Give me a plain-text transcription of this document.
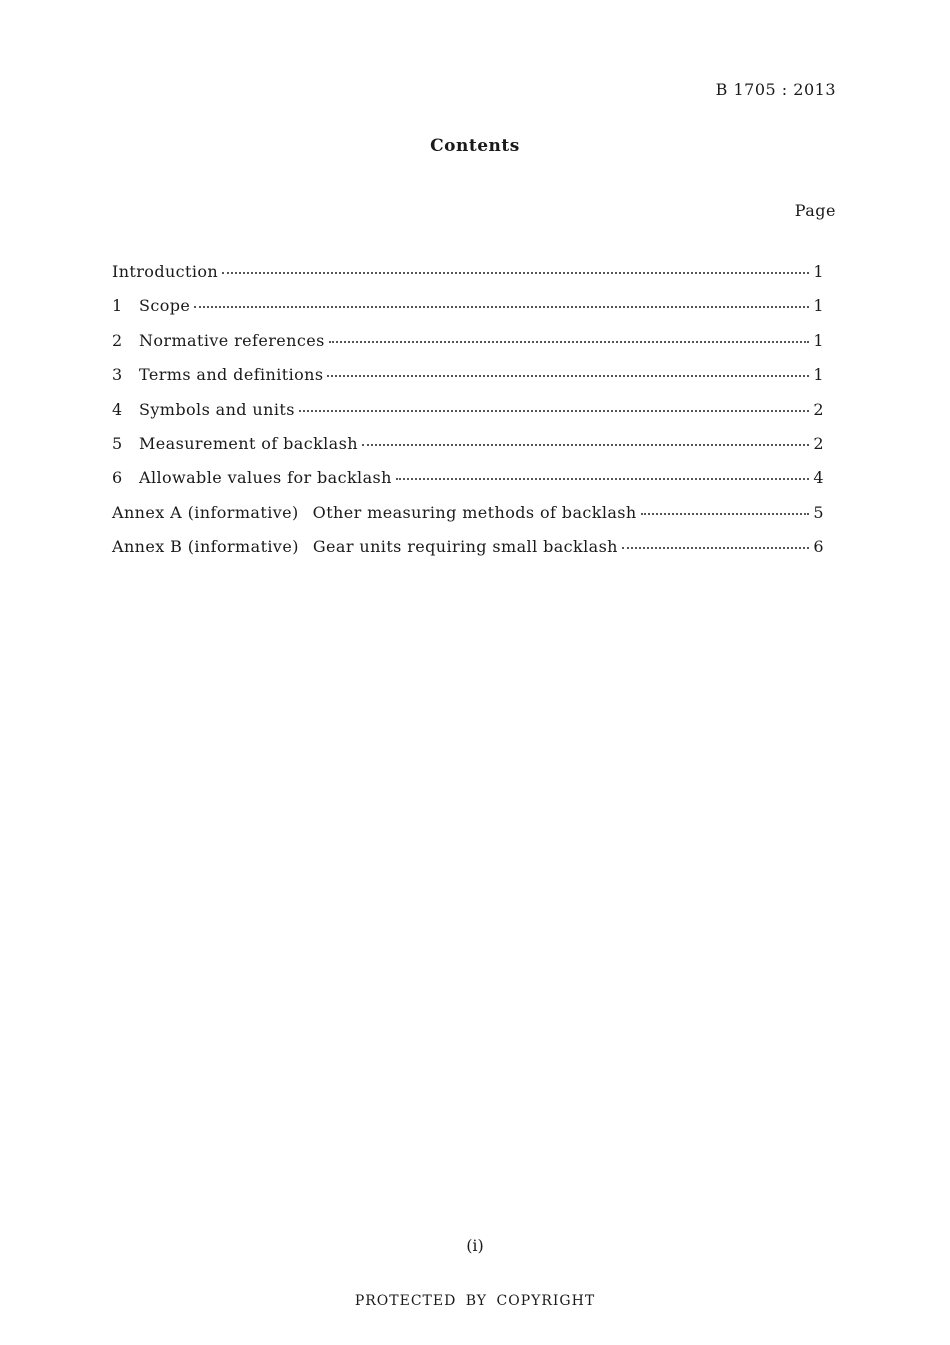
B 1705 : 2013
Contents
Page
Introduction	1
1	Scope	1
2	Normative references	1
3	Terms and definitions	1
4	Symbols and units	2
5	Measurement of backlash	2
6	Allowable values for backlash	4
Annex A (informative) Other measuring methods of backlash	5
Annex B (informative) Gear units requiring small backlash	6
(i)
PROTECTED BY COPYRIGHT
